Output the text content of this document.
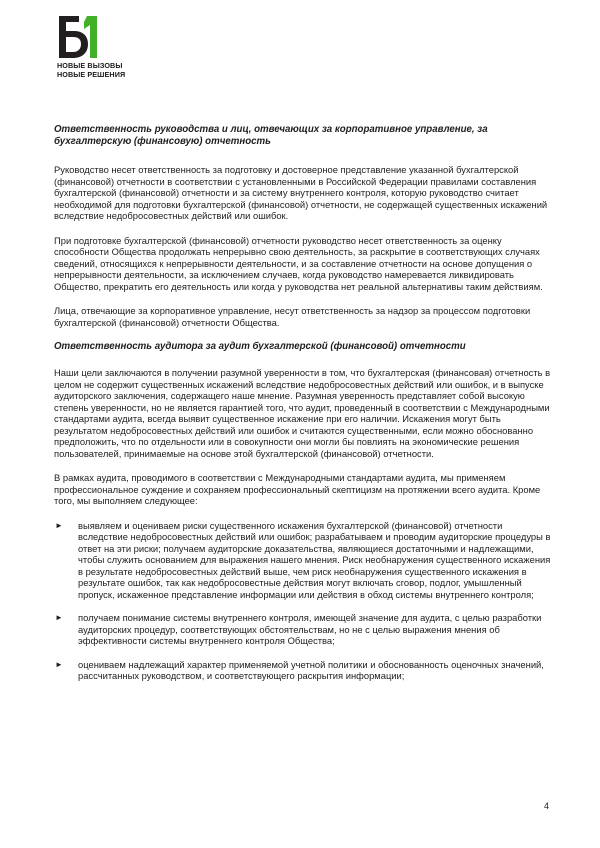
НОВЫЕ ВЫЗОВЫ
НОВЫЕ РЕШЕНИЯ
Ответственность руководства и лиц, отвечающих за корпоративное управление, за бухгалтерскую (финансовую) отчетность

Руководство несет ответственность за подготовку и достоверное представление указанной бухгалтерской (финансовой) отчетности в соответствии с установленными в Российской Федерации правилами составления бухгалтерской (финансовой) отчетности и за систему внутреннего контроля, которую руководство считает необходимой для подготовки бухгалтерской (финансовой) отчетности, не содержащей существенных искажений вследствие недобросовестных действий или ошибок.

При подготовке бухгалтерской (финансовой) отчетности руководство несет ответственность за оценку способности Общества продолжать непрерывно свою деятельность, за раскрытие в соответствующих случаях сведений, относящихся к непрерывности деятельности, и за составление отчетности на основе допущения о непрерывности деятельности, за исключением случаев, когда руководство намеревается ликвидировать Общество, прекратить его деятельность или когда у руководства нет реальной альтернативы таким действиям.

Лица, отвечающие за корпоративное управление, несут ответственность за надзор за процессом подготовки бухгалтерской (финансовой) отчетности Общества.

Ответственность аудитора за аудит бухгалтерской (финансовой) отчетности

Наши цели заключаются в получении разумной уверенности в том, что бухгалтерская (финансовая) отчетность в целом не содержит существенных искажений вследствие недобросовестных действий или ошибок, и в выпуске аудиторского заключения, содержащего наше мнение. Разумная уверенность представляет собой высокую степень уверенности, но не является гарантией того, что аудит, проведенный в соответствии с Международными стандартами аудита, всегда выявит существенное искажение при его наличии. Искажения могут быть результатом недобросовестных действий или ошибок и считаются существенными, если можно обоснованно предположить, что по отдельности или в совокупности они могли бы повлиять на экономические решения пользователей, принимаемые на основе этой бухгалтерской (финансовой) отчетности.

В рамках аудита, проводимого в соответствии с Международными стандартами аудита, мы применяем профессиональное суждение и сохраняем профессиональный скептицизм на протяжении всего аудита. Кроме того, мы выполняем следующее:

► выявляем и оцениваем риски существенного искажения бухгалтерской (финансовой) отчетности вследствие недобросовестных действий или ошибок; разрабатываем и проводим аудиторские процедуры в ответ на эти риски; получаем аудиторские доказательства, являющиеся достаточными и надлежащими, чтобы служить основанием для выражения нашего мнения. Риск необнаружения существенного искажения в результате недобросовестных действий выше, чем риск необнаружения существенного искажения в результате ошибок, так как недобросовестные действия могут включать сговор, подлог, умышленный пропуск, искаженное представление информации или действия в обход системы внутреннего контроля;
► получаем понимание системы внутреннего контроля, имеющей значение для аудита, с целью разработки аудиторских процедур, соответствующих обстоятельствам, но не с целью выражения мнения об эффективности системы внутреннего контроля Общества;
► оцениваем надлежащий характер применяемой учетной политики и обоснованность оценочных значений, рассчитанных руководством, и соответствующего раскрытия информации;
4
